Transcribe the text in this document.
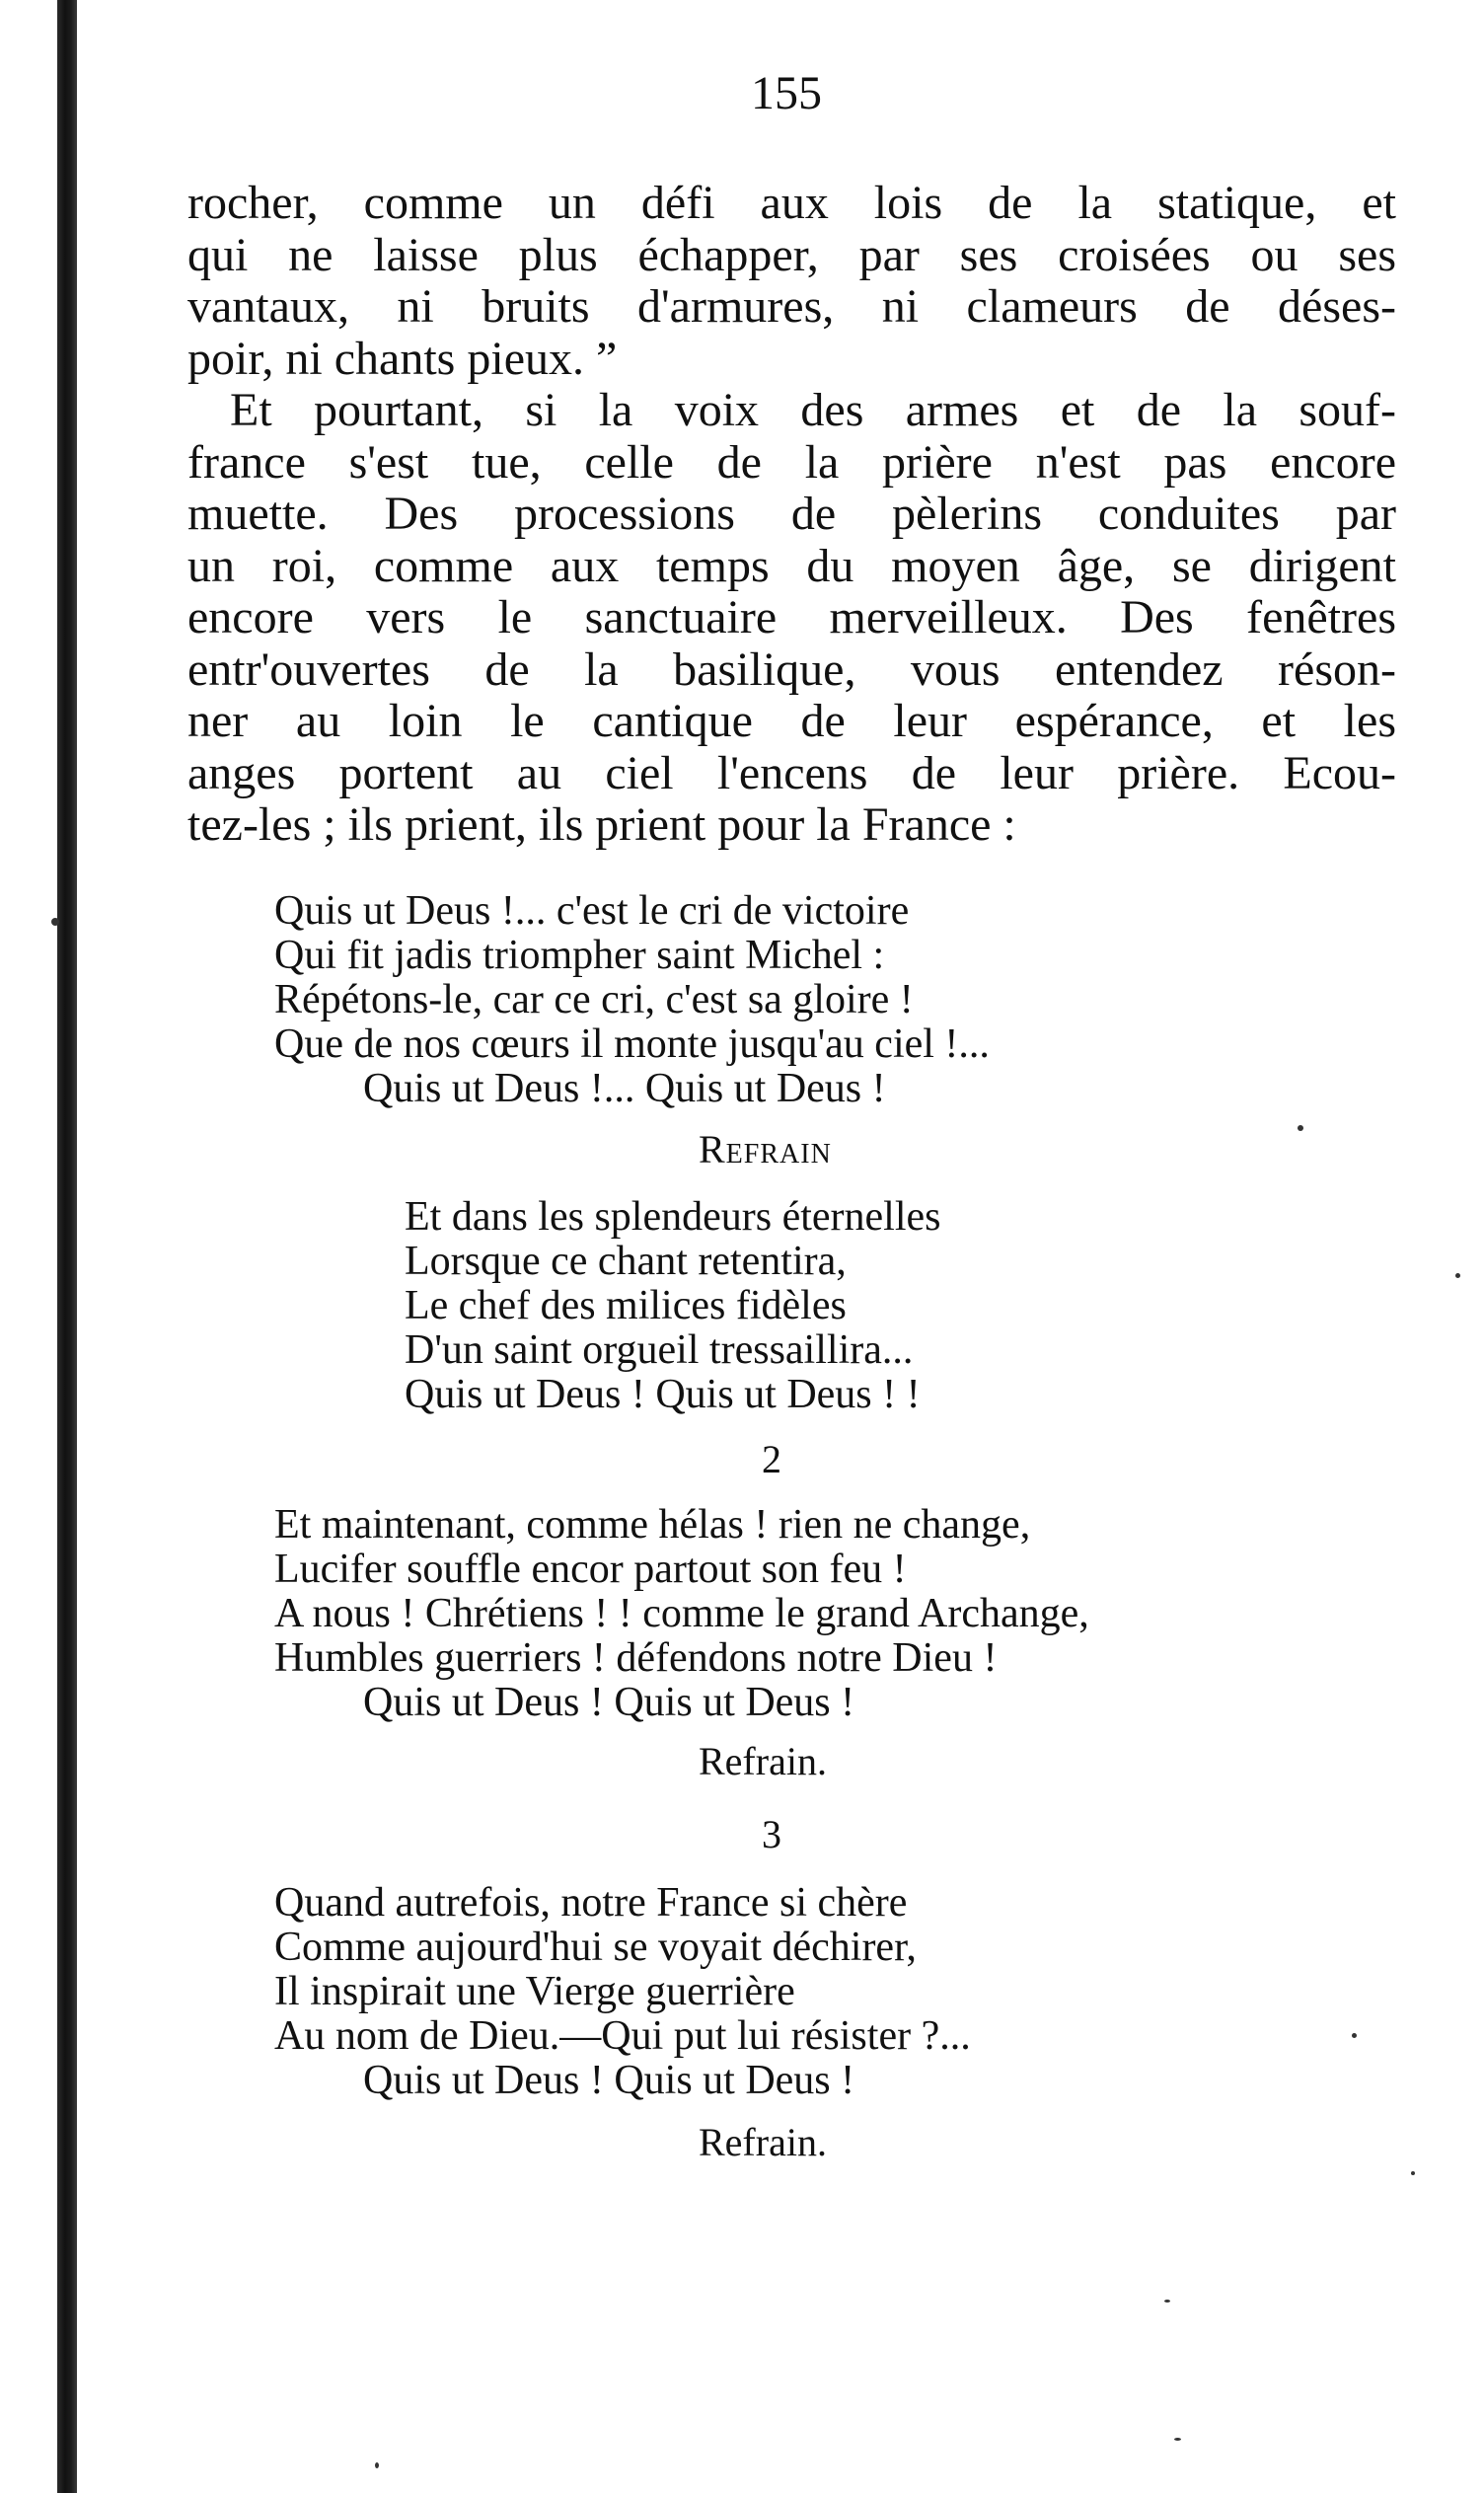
155
rocher, comme un défi aux lois de la statique, et
qui ne laisse plus échapper, par ses croisées ou ses
vantaux, ni bruits d'armures, ni clameurs de déses-
poir, ni chants pieux. ”
Et pourtant, si la voix des armes et de la souf-
france s'est tue, celle de la prière n'est pas encore
muette. Des processions de pèlerins conduites par
un roi, comme aux temps du moyen âge, se dirigent
encore vers le sanctuaire merveilleux. Des fenêtres
entr'ouvertes de la basilique, vous entendez réson-
ner au loin le cantique de leur espérance, et les
anges portent au ciel l'encens de leur prière. Ecou-
tez-les ; ils prient, ils prient pour la France :
Quis ut Deus !... c'est le cri de victoire
Qui fit jadis triompher saint Michel :
Répétons-le, car ce cri, c'est sa gloire !
Que de nos cœurs il monte jusqu'au ciel !...
Quis ut Deus !... Quis ut Deus !
Refrain
Et dans les splendeurs éternelles
Lorsque ce chant retentira,
Le chef des milices fidèles
D'un saint orgueil tressaillira...
Quis ut Deus ! Quis ut Deus ! !
2
Et maintenant, comme hélas ! rien ne change,
Lucifer souffle encor partout son feu !
A nous ! Chrétiens ! ! comme le grand Archange,
Humbles guerriers ! défendons notre Dieu !
Quis ut Deus ! Quis ut Deus !
Refrain.
3
Quand autrefois, notre France si chère
Comme aujourd'hui se voyait déchirer,
Il inspirait une Vierge guerrière
Au nom de Dieu.—Qui put lui résister ?...
Quis ut Deus ! Quis ut Deus !
Refrain.
